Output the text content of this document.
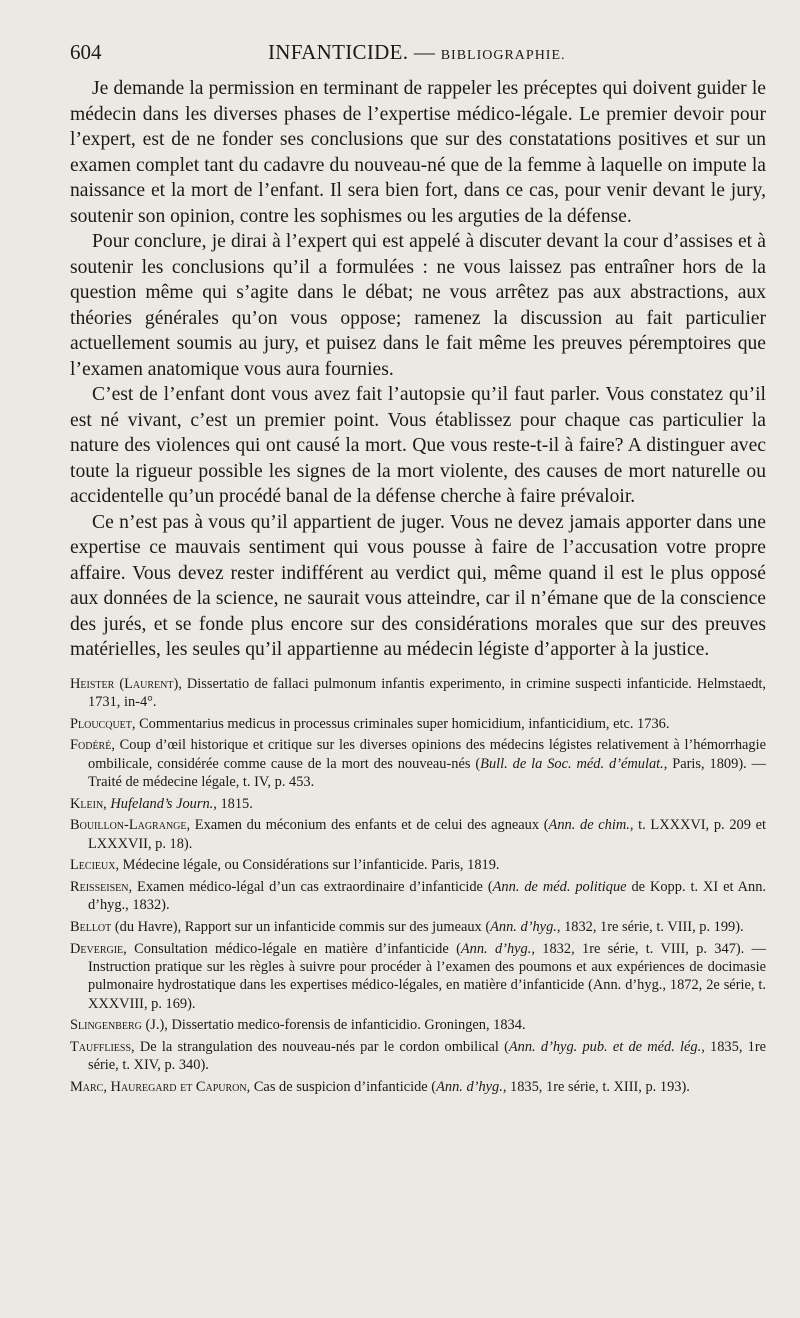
604	INFANTICIDE. — BIBLIOGRAPHIE.

Je demande la permission en terminant de rappeler les préceptes qui doivent guider le médecin dans les diverses phases de l’expertise médico-légale. Le premier devoir pour l’expert, est de ne fonder ses conclusions que sur des constatations positives et sur un examen complet tant du cadavre du nouveau-né que de la femme à laquelle on impute la naissance et la mort de l’enfant. Il sera bien fort, dans ce cas, pour venir devant le jury, soutenir son opinion, contre les sophismes ou les arguties de la défense.

Pour conclure, je dirai à l’expert qui est appelé à discuter devant la cour d’assises et à soutenir les conclusions qu’il a formulées : ne vous laissez pas entraîner hors de la question même qui s’agite dans le débat; ne vous arrêtez pas aux abstractions, aux théories générales qu’on vous oppose; ramenez la discussion au fait particulier actuellement soumis au jury, et puisez dans le fait même les preuves péremptoires que l’examen anatomique vous aura fournies.

C’est de l’enfant dont vous avez fait l’autopsie qu’il faut parler. Vous constatez qu’il est né vivant, c’est un premier point. Vous établissez pour chaque cas particulier la nature des violences qui ont causé la mort. Que vous reste-t-il à faire? A distinguer avec toute la rigueur possible les signes de la mort violente, des causes de mort naturelle ou accidentelle qu’un procédé banal de la défense cherche à faire prévaloir.

Ce n’est pas à vous qu’il appartient de juger. Vous ne devez jamais apporter dans une expertise ce mauvais sentiment qui vous pousse à faire de l’accusation votre propre affaire. Vous devez rester indifférent au verdict qui, même quand il est le plus opposé aux données de la science, ne saurait vous atteindre, car il n’émane que de la conscience des jurés, et se fonde plus encore sur des considérations morales que sur des preuves matérielles, les seules qu’il appartienne au médecin légiste d’apporter à la justice.

Heister (Laurent), Dissertatio de fallaci pulmonum infantis experimento, in crimine suspecti infanticide. Helmstaedt, 1731, in-4°.
Ploucquet, Commentarius medicus in processus criminales super homicidium, infanticidium, etc. 1736.
Fodéré, Coup d’œil historique et critique sur les diverses opinions des médecins légistes relativement à l’hémorrhagie ombilicale, considérée comme cause de la mort des nouveau-nés (Bull. de la Soc. méd. d’émulat., Paris, 1809). — Traité de médecine légale, t. IV, p. 453.
Klein, Hufeland’s Journ., 1815.
Bouillon-Lagrange, Examen du méconium des enfants et de celui des agneaux (Ann. de chim., t. LXXXVI, p. 209 et LXXXVII, p. 18).
Lecieux, Médecine légale, ou Considérations sur l’infanticide. Paris, 1819.
Reisseisen, Examen médico-légal d’un cas extraordinaire d’infanticide (Ann. de méd. politique de Kopp. t. XI et Ann. d’hyg., 1832).
Bellot (du Havre), Rapport sur un infanticide commis sur des jumeaux (Ann. d’hyg., 1832, 1re série, t. VIII, p. 199).
Devergie, Consultation médico-légale en matière d’infanticide (Ann. d’hyg., 1832, 1re série, t. VIII, p. 347). — Instruction pratique sur les règles à suivre pour procéder à l’examen des poumons et aux expériences de docimasie pulmonaire hydrostatique dans les expertises médico-légales, en matière d’infanticide (Ann. d’hyg., 1872, 2e série, t. XXXVIII, p. 169).
Slingenberg (J.), Dissertatio medico-forensis de infanticidio. Groningen, 1834.
Tauffließ, De la strangulation des nouveau-nés par le cordon ombilical (Ann. d’hyg. pub. et de méd. lég., 1835, 1re série, t. XIV, p. 340).
Marc, Hauregard et Capuron, Cas de suspicion d’infanticide (Ann. d’hyg., 1835, 1re série, t. XIII, p. 193).
